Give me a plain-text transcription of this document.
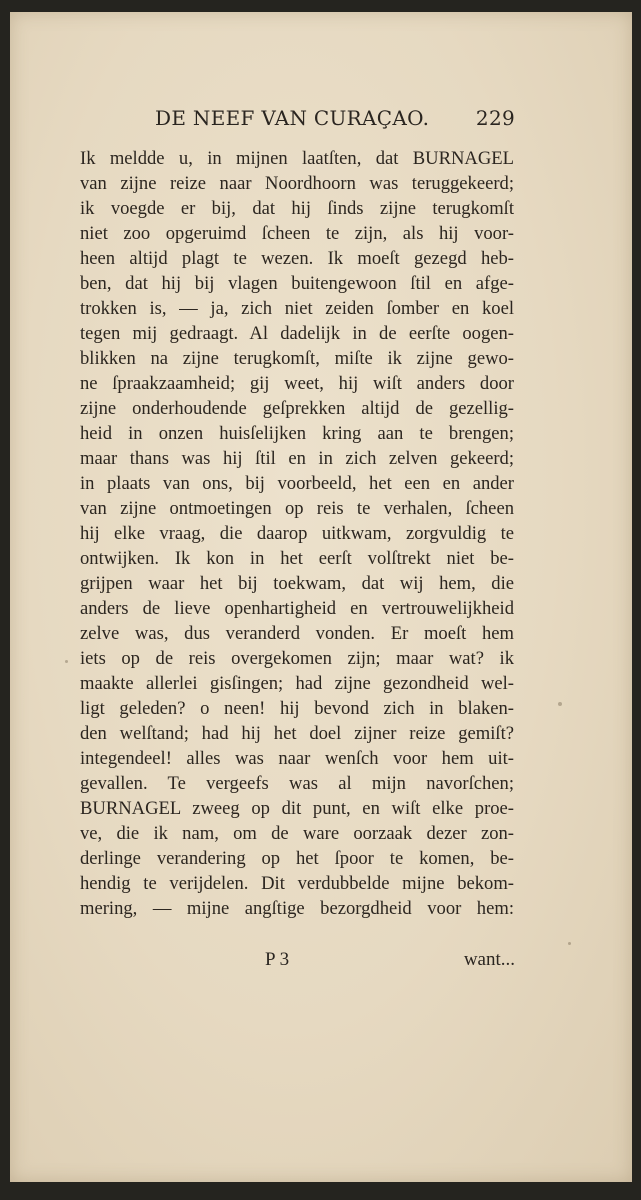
DE NEEF VAN CURAÇAO. 229
Ik meldde u, in mijnen laatſten, dat BURNAGEL
van zijne reize naar Noordhoorn was teruggekeerd;
ik voegde er bij, dat hij ſinds zijne terugkomſt
niet zoo opgeruimd ſcheen te zijn, als hij voor-
heen altijd plagt te wezen. Ik moeſt gezegd heb-
ben, dat hij bij vlagen buitengewoon ſtil en afge-
trokken is, — ja, zich niet zeiden ſomber en koel
tegen mij gedraagt. Al dadelijk in de eerſte oogen-
blikken na zijne terugkomſt, miſte ik zijne gewo-
ne ſpraakzaamheid; gij weet, hij wiſt anders door
zijne onderhoudende geſprekken altijd de gezellig-
heid in onzen huisſelijken kring aan te brengen;
maar thans was hij ſtil en in zich zelven gekeerd;
in plaats van ons, bij voorbeeld, het een en ander
van zijne ontmoetingen op reis te verhalen, ſcheen
hij elke vraag, die daarop uitkwam, zorgvuldig te
ontwijken. Ik kon in het eerſt volſtrekt niet be-
grijpen waar het bij toekwam, dat wij hem, die
anders de lieve openhartigheid en vertrouwelijkheid
zelve was, dus veranderd vonden. Er moeſt hem
iets op de reis overgekomen zijn; maar wat? ik
maakte allerlei gisſingen; had zijne gezondheid wel-
ligt geleden? o neen! hij bevond zich in blaken-
den welſtand; had hij het doel zijner reize gemiſt?
integendeel! alles was naar wenſch voor hem uit-
gevallen. Te vergeefs was al mijn navorſchen;
BURNAGEL zweeg op dit punt, en wiſt elke proe-
ve, die ik nam, om de ware oorzaak dezer zon-
derlinge verandering op het ſpoor te komen, be-
hendig te verijdelen. Dit verdubbelde mijne bekom-
mering, — mijne angſtige bezorgdheid voor hem:
P 3	want...
